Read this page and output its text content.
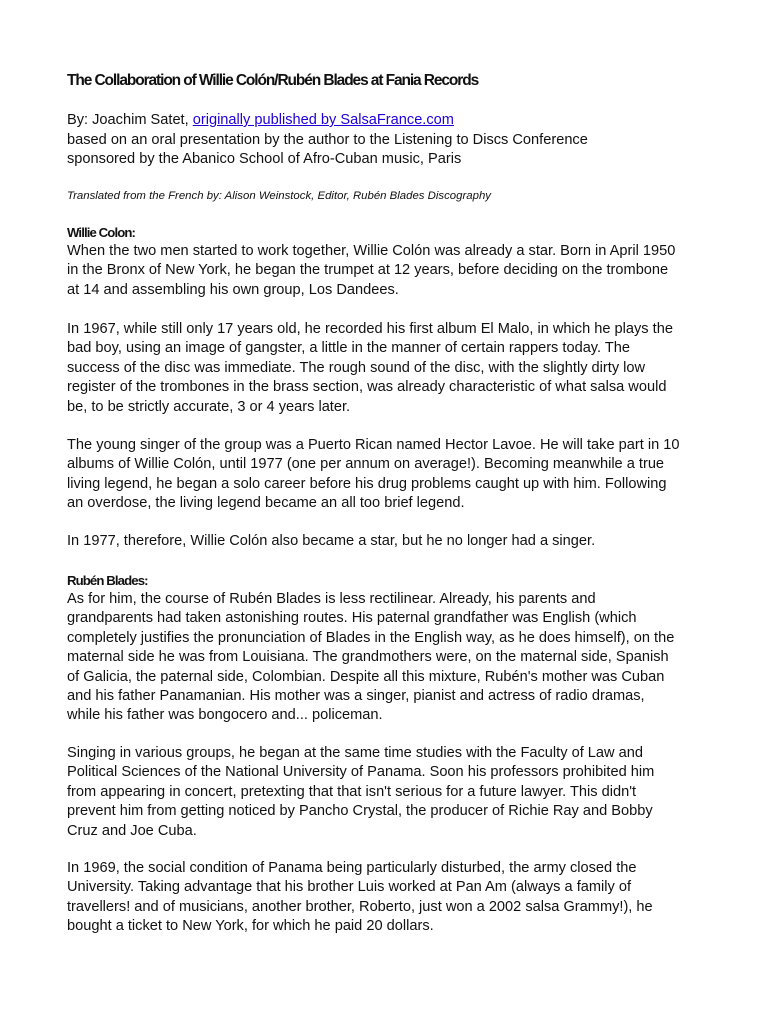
The Collaboration of Willie Colón/Rubén Blades at Fania Records
By: Joachim Satet, originally published by SalsaFrance.com
based on an oral presentation by the author to the Listening to Discs Conference
sponsored by the Abanico School of Afro-Cuban music, Paris
Translated from the French by: Alison Weinstock, Editor, Rubén Blades Discography
Willie Colon:

When the two men started to work together, Willie Colón was already a star. Born in April 1950
in the Bronx of New York, he began the trumpet at 12 years, before deciding on the trombone
at 14 and assembling his own group, Los Dandees.

In 1967, while still only 17 years old, he recorded his first album El Malo, in which he plays the
bad boy, using an image of gangster, a little in the manner of certain rappers today. The
success of the disc was immediate. The rough sound of the disc, with the slightly dirty low
register of the trombones in the brass section, was already characteristic of what salsa would
be, to be strictly accurate, 3 or 4 years later.

The young singer of the group was a Puerto Rican named Hector Lavoe. He will take part in 10
albums of Willie Colón, until 1977 (one per annum on average!). Becoming meanwhile a true
living legend, he began a solo career before his drug problems caught up with him. Following
an overdose, the living legend became an all too brief legend.

In 1977, therefore, Willie Colón also became a star, but he no longer had a singer.

Rubén Blades:

As for him, the course of Rubén Blades is less rectilinear. Already, his parents and
grandparents had taken astonishing routes. His paternal grandfather was English (which
completely justifies the pronunciation of Blades in the English way, as he does himself), on the
maternal side he was from Louisiana. The grandmothers were, on the maternal side, Spanish
of Galicia, the paternal side, Colombian. Despite all this mixture, Rubén's mother was Cuban
and his father Panamanian. His mother was a singer, pianist and actress of radio dramas,
while his father was bongocero and... policeman.

Singing in various groups, he began at the same time studies with the Faculty of Law and
Political Sciences of the National University of Panama. Soon his professors prohibited him
from appearing in concert, pretexting that that isn't serious for a future lawyer. This didn't
prevent him from getting noticed by Pancho Crystal, the producer of Richie Ray and Bobby
Cruz and Joe Cuba.

In 1969, the social condition of Panama being particularly disturbed, the army closed the
University. Taking advantage that his brother Luis worked at Pan Am (always a family of
travellers! and of musicians, another brother, Roberto, just won a 2002 salsa Grammy!), he
bought a ticket to New York, for which he paid 20 dollars.
